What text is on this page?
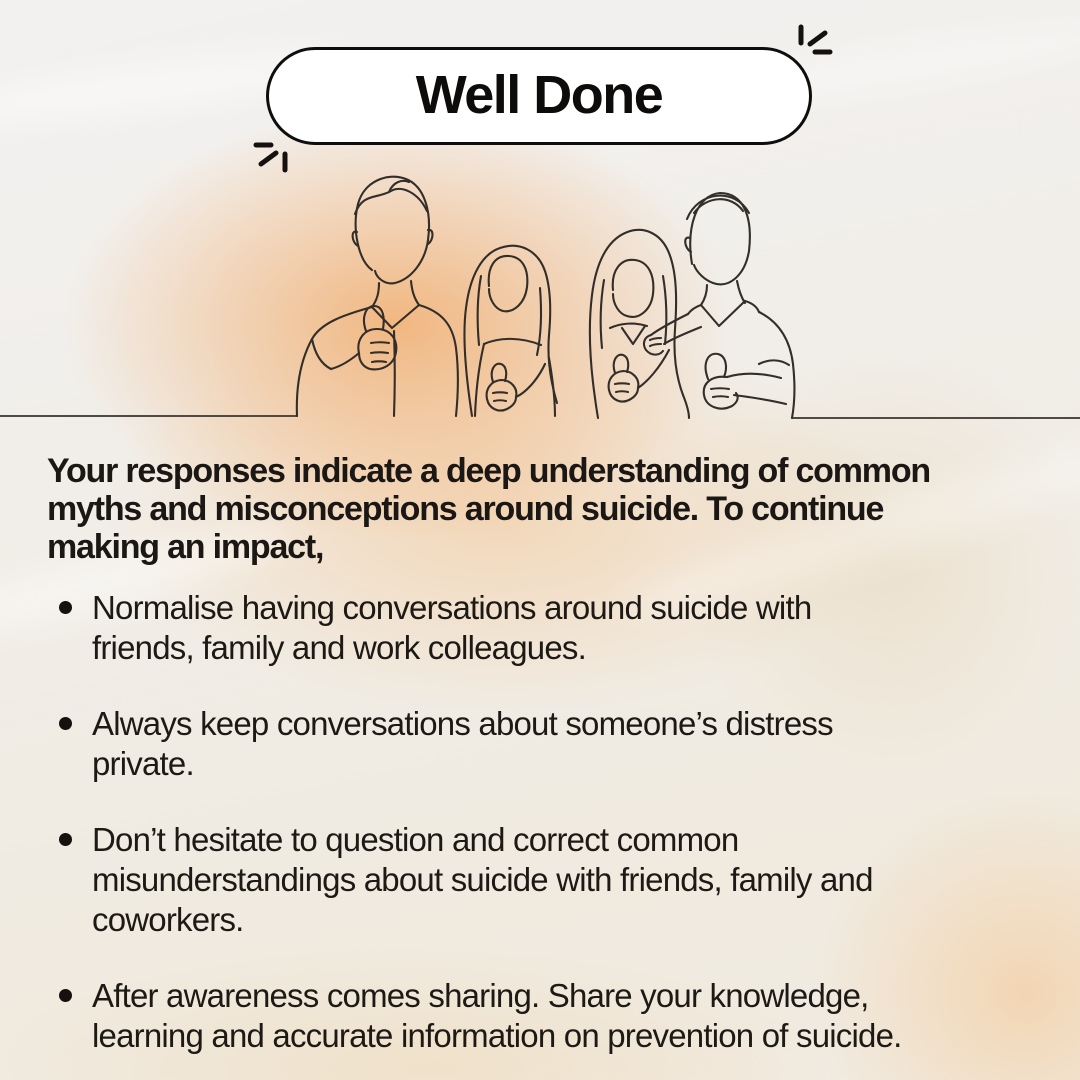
Well Done
Your responses indicate a deep understanding of common
myths and misconceptions around suicide. To continue
making an impact,
Normalise having conversations around suicide with
friends, family and work colleagues.
Always keep conversations about someone’s distress
private.
Don’t hesitate to question and correct common
misunderstandings about suicide with friends, family and
coworkers.
After awareness comes sharing. Share your knowledge,
learning and accurate information on prevention of suicide.
